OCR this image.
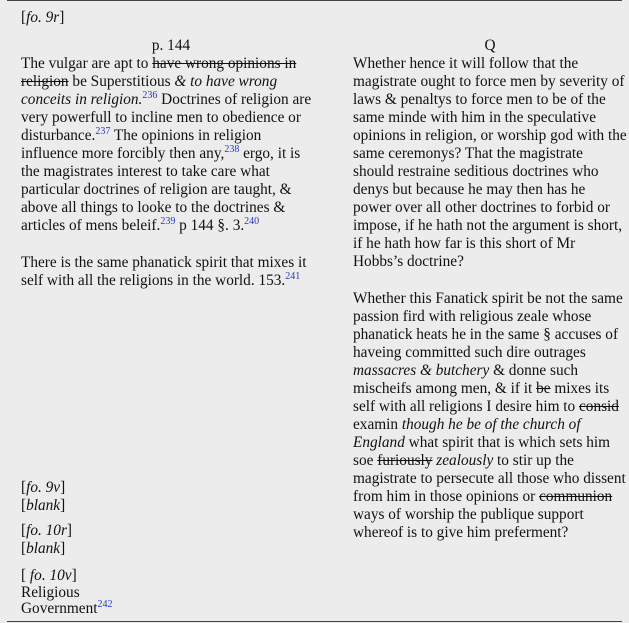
[fo. 9r]
p. 144

The vulgar are apt to have wrong opinions in religion be Superstitious & to have wrong conceits in religion.$^{236}$ Doctrines of religion are very powerfull to incline men to obedience or disturbance.$^{237}$ The opinions in religion influence more forcibly then any,$^{238}$ ergo, it is the magistrates interest to take care what particular doctrines of religion are taught, & above all things to looke to the doctrines & articles of mens beleif.$^{239}$ p 144 §. 3.$^{240}$

There is the same phanatick spirit that mixes it self with all the religions in the world. 153.$^{241}$

Q

Whether hence it will follow that the magistrate ought to force men by severity of laws & penaltys to force men to be of the same minde with him in the speculative opinions in religion, or worship god with the same ceremonys? That the magistrate should restraine seditious doctrines who denys but because he may then has he power over all other doctrines to forbid or impose, if he hath not the argument is short, if he hath how far is this short of Mr Hobbs’s doctrine?

Whether this Fanatick spirit be not the same passion fird with religious zeale whose phanatick heats he in the same § accuses of haveing committed such dire outrages massacres & butchery & donne such mischeifs among men, & if it be mixes its self with all religions I desire him to consid examin though he be of the church of England what spirit that is which sets him soe furiously zealously to stir up the magistrate to persecute all those who dissent from him in those opinions or communion ways of worship the publique support whereof is to give him preferment?

[fo. 9v]
[blank]
[fo. 10r]
[blank]
[ fo. 10v]
Religious
Government$^{242}$
